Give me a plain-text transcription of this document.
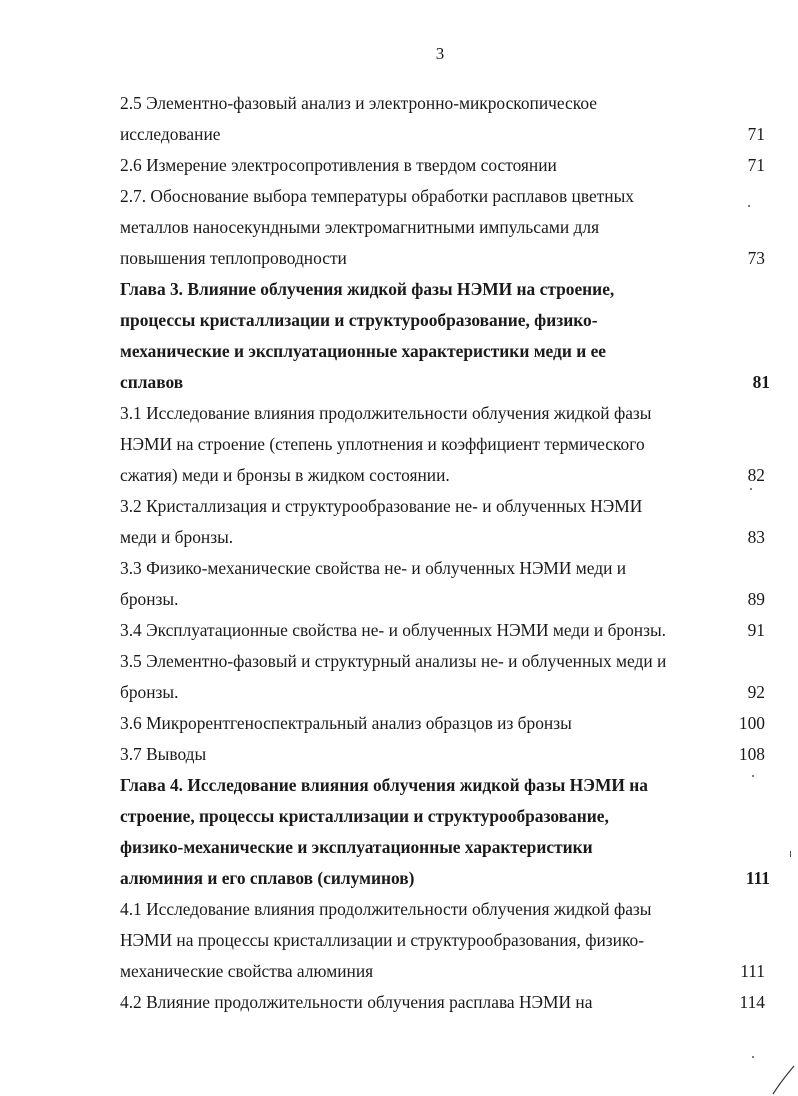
3
2.5 Элементно-фазовый анализ и электронно-микроскопическое
исследование	71
2.6 Измерение электросопротивления в твердом состоянии	71
2.7. Обоснование выбора температуры обработки расплавов цветных
металлов наносекундными электромагнитными импульсами для
повышения теплопроводности	73
Глава 3. Влияние облучения жидкой фазы НЭМИ на строение,
процессы кристаллизации и структурообразование, физико-
механические и эксплуатационные характеристики меди и ее
сплавов	81
3.1 Исследование влияния продолжительности облучения жидкой фазы
НЭМИ на строение (степень уплотнения и коэффициент термического
сжатия) меди и бронзы в жидком состоянии.	82
3.2 Кристаллизация и структурообразование не- и облученных НЭМИ
меди и бронзы.	83
3.3 Физико-механические свойства не- и облученных НЭМИ меди и
бронзы.	89
3.4 Эксплуатационные свойства не- и облученных НЭМИ меди и бронзы.	91
3.5 Элементно-фазовый и структурный анализы не- и облученных меди и
бронзы.	92
3.6 Микрорентгеноспектральный анализ образцов из бронзы	100
3.7 Выводы	108
Глава 4. Исследование влияния облучения жидкой фазы НЭМИ на
строение, процессы кристаллизации и структурообразование,
физико-механические и эксплуатационные характеристики
алюминия и его сплавов (силуминов)	111
4.1 Исследование влияния продолжительности облучения жидкой фазы
НЭМИ на процессы кристаллизации и структурообразования, физико-
механические свойства алюминия	111
4.2 Влияние продолжительности облучения расплава НЭМИ на	114
